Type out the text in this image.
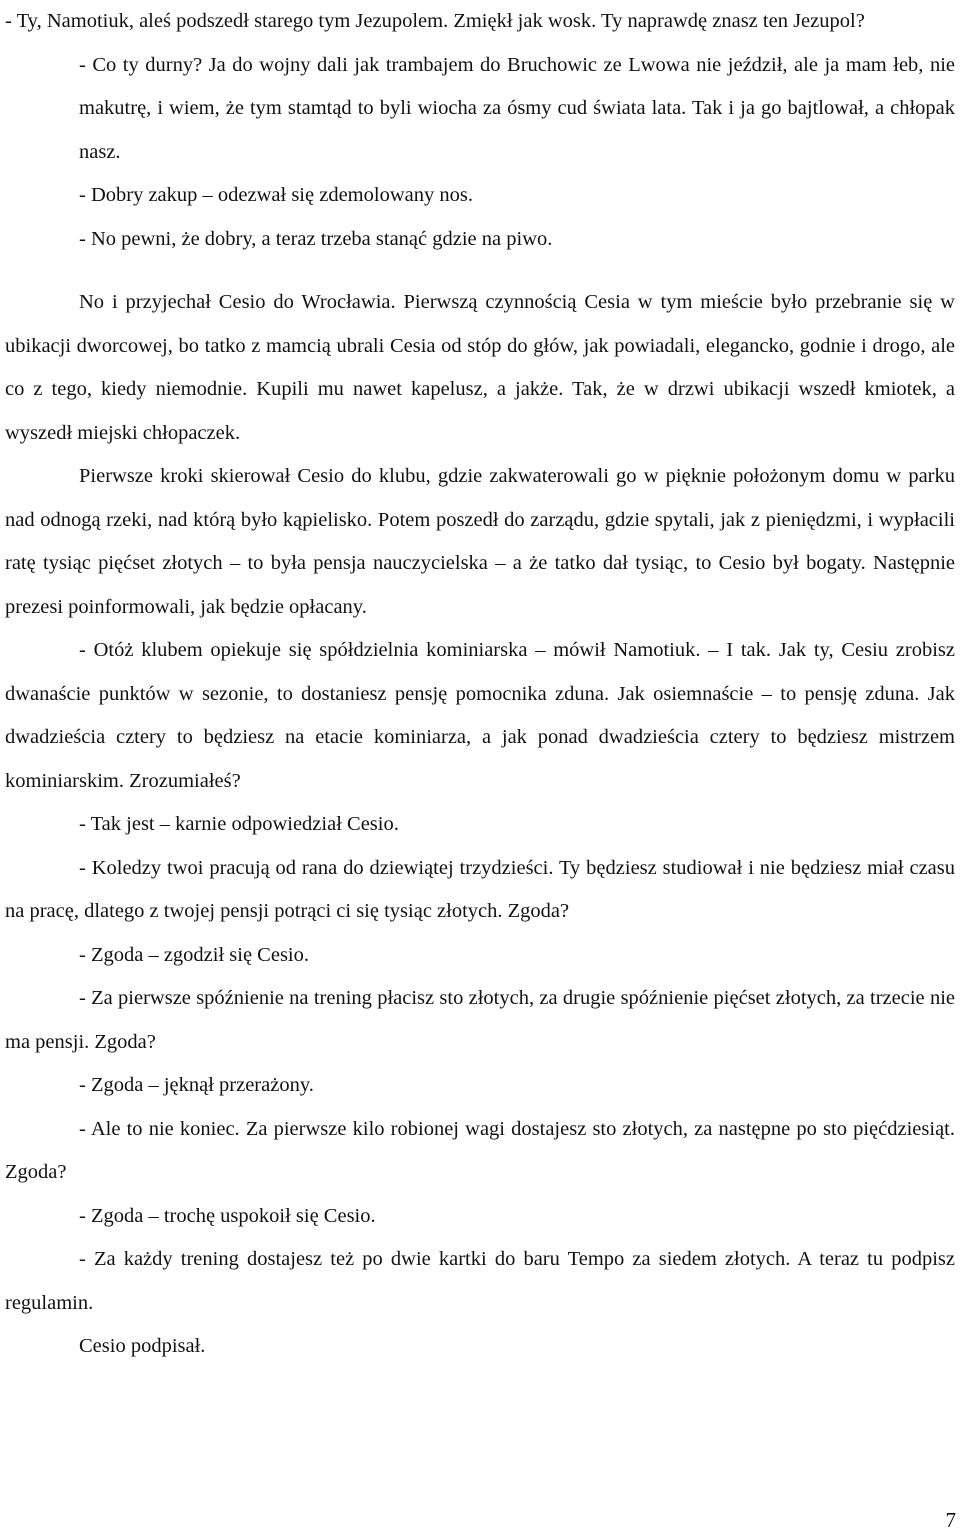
- Ty, Namotiuk, aleś podszedł starego tym Jezupolem. Zmiękł jak wosk. Ty naprawdę znasz ten Jezupol?

- Co ty durny? Ja do wojny dali jak trambajem do Bruchowic ze Lwowa nie jeździł, ale ja mam łeb, nie makutrę, i wiem, że tym stamtąd to byli wiocha za ósmy cud świata lata. Tak i ja go bajtlował, a chłopak nasz.

- Dobry zakup – odezwał się zdemolowany nos.

- No pewni, że dobry, a teraz trzeba stanąć gdzie na piwo.

No i przyjechał Cesio do Wrocławia. Pierwszą czynnością Cesia w tym mieście było przebranie się w ubikacji dworcowej, bo tatko z mamcią ubrali Cesia od stóp do głów, jak powiadali, elegancko, godnie i drogo, ale co z tego, kiedy niemodnie. Kupili mu nawet kapelusz, a jakże. Tak, że w drzwi ubikacji wszedł kmiotek, a wyszedł miejski chłopaczek.

Pierwsze kroki skierował Cesio do klubu, gdzie zakwaterowali go w pięknie położonym domu w parku nad odnogą rzeki, nad którą było kąpielisko. Potem poszedł do zarządu, gdzie spytali, jak z pieniędzmi, i wypłacili ratę tysiąc pięćset złotych – to była pensja nauczycielska – a że tatko dał tysiąc, to Cesio był bogaty. Następnie prezesi poinformowali, jak będzie opłacany.

- Otóż klubem opiekuje się spółdzielnia kominiarska – mówił Namotiuk. – I tak. Jak ty, Cesiu zrobisz dwanaście punktów w sezonie, to dostaniesz pensję pomocnika zduna. Jak osiemnaście – to pensję zduna. Jak dwadzieścia cztery to będziesz na etacie kominiarza, a jak ponad dwadzieścia cztery to będziesz mistrzem kominiarskim. Zrozumiałeś?

- Tak jest – karnie odpowiedział Cesio.

- Koledzy twoi pracują od rana do dziewiątej trzydzieści. Ty będziesz studiował i nie będziesz miał czasu na pracę, dlatego z twojej pensji potrąci ci się tysiąc złotych. Zgoda?

- Zgoda – zgodził się Cesio.

- Za pierwsze spóźnienie na trening płacisz sto złotych, za drugie spóźnienie pięćset złotych, za trzecie nie ma pensji. Zgoda?

- Zgoda – jęknął przerażony.

- Ale to nie koniec. Za pierwsze kilo robionej wagi dostajesz sto złotych, za następne po sto pięćdziesiąt. Zgoda?

- Zgoda – trochę uspokoił się Cesio.

- Za każdy trening dostajesz też po dwie kartki do baru Tempo za siedem złotych. A teraz tu podpisz regulamin.

Cesio podpisał.

7
